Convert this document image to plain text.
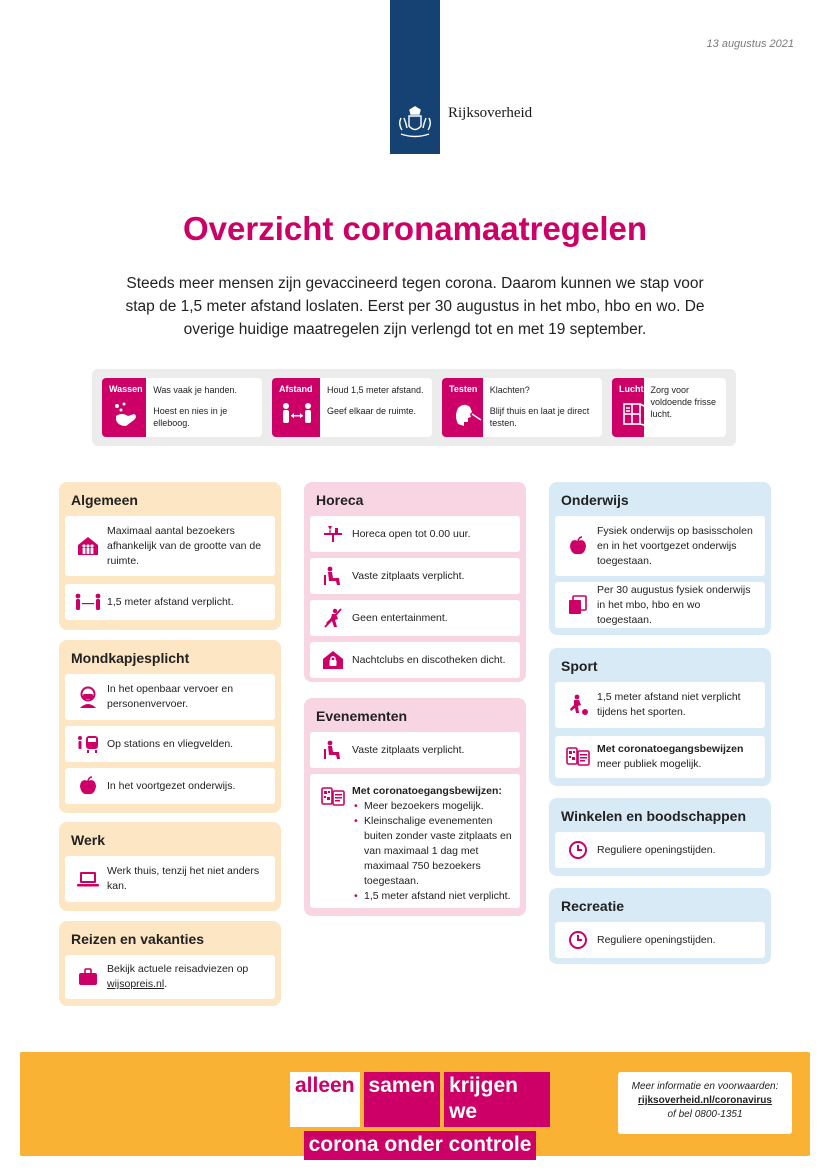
13 augustus 2021
Rijksoverheid
Overzicht coronamaatregelen

Steeds meer mensen zijn gevaccineerd tegen corona. Daarom kunnen we stap voor stap de 1,5 meter afstand loslaten. Eerst per 30 augustus in het mbo, hbo en wo. De overige huidige maatregelen zijn verlengd tot en met 19 september.

Wassen	Was vaak je handen.

Hoest en nies in je elleboog.

Afstand	Houd 1,5 meter afstand.

Geef elkaar de ruimte.

Testen	Klachten?

Blijf thuis en laat je direct testen.

Lucht Zorg voor voldoende frisse lucht.

Algemeen
Maximaal aantal bezoekers afhankelijk van de grootte van de ruimte.
1,5 meter afstand verplicht.
Mondkapjesplicht
In het openbaar vervoer en personenvervoer.
Op stations en vliegvelden.
In het voortgezet onderwijs.
Werk
Werk thuis, tenzij het niet anders kan.
Reizen en vakanties
Bekijk actuele reisadviezen op
wijsopreis.nl.
Horeca
Horeca open tot 0.00 uur.
Vaste zitplaats verplicht.
Geen entertainment.
Nachtclubs en discotheken dicht.
Evenementen
Vaste zitplaats verplicht.
Met coronatoegangsbewijzen:
• Meer bezoekers mogelijk.
• Kleinschalige evenementen buiten zonder vaste zitplaats en van maximaal 1 dag met maximaal 750 bezoekers toegestaan.
• 1,5 meter afstand niet verplicht.
Onderwijs
Fysiek onderwijs op basisscholen en in het voortgezet onderwijs toegestaan.
Per 30 augustus fysiek onderwijs in het mbo, hbo en wo toegestaan.
Sport
1,5 meter afstand niet verplicht tijdens het sporten.
Met coronatoegangsbewijzen
meer publiek mogelijk.
Winkelen en boodschappen
Reguliere openingstijden.
Recreatie
Reguliere openingstijden.
alleen samen krijgen we
corona onder controle
Meer informatie en voorwaarden:
rijksoverheid.nl/coronavirus
of bel 0800-1351
